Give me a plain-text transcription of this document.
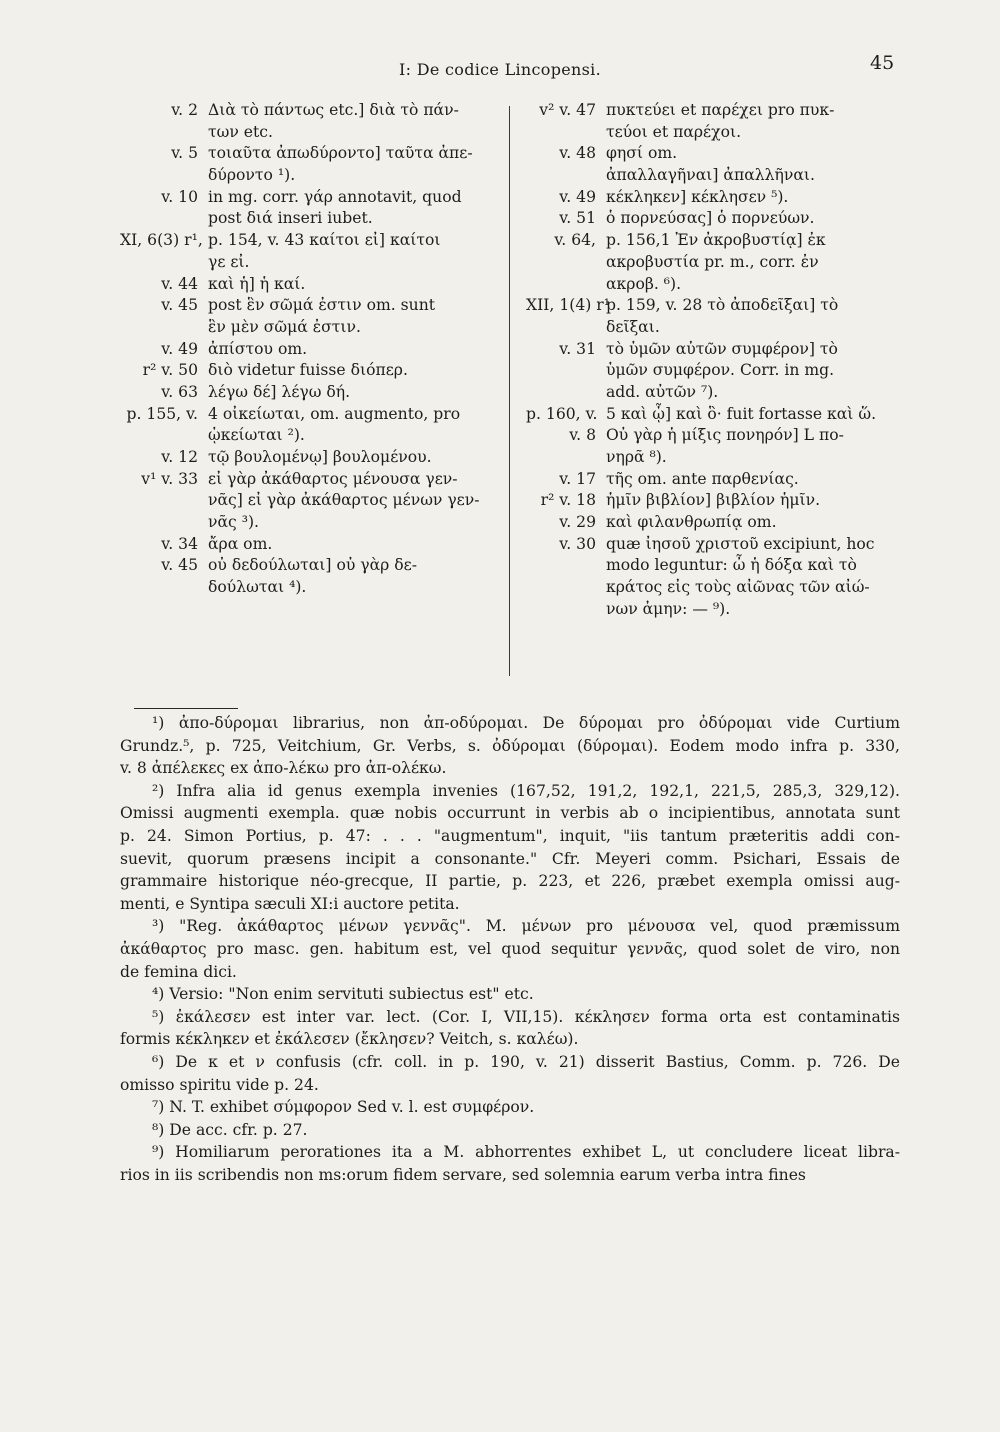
I: De codice Lincopensi.	45
v. 2 Διὰ τὸ πάντως etc.] διὰ τὸ πάν-
των etc.
v. 5 τοιαῦτα ἀπωδύροντο] ταῦτα ἀπε-
δύροντο ¹).
v. 10 in mg. corr. γάρ annotavit, quod
post διά inseri iubet.
XI, 6(3) r¹, p. 154, v. 43 καίτοι εἰ] καίτοι
γε εἰ.
v. 44 καὶ ἡ] ἡ καί.
v. 45 post ἓν σῶμά ἐστιν om. sunt
ἓν μὲν σῶμά ἐστιν.
v. 49 ἀπίστου om.
r² v. 50 διὸ videtur fuisse διόπερ.
v. 63 λέγω δέ] λέγω δή.
p. 155, v. 4 οἰκείωται, om. augmento, pro
ᾠκείωται ²).
v. 12 τῷ βουλομένῳ] βουλομένου.
v¹ v. 33 εἰ γὰρ ἀκάθαρτος μένουσα γεν-
νᾶς] εἰ γὰρ ἀκάθαρτος μένων γεν-
νᾶς ³).
v. 34 ἄρα om.
v. 45 οὐ δεδούλωται] οὐ γὰρ δε-
δούλωται ⁴).
v² v. 47 πυκτεύει et παρέχει pro πυκ-
τεύοι et παρέχοι.
v. 48 φησί om.
ἀπαλλαγῆναι] ἀπαλλῆναι.
v. 49 κέκληκεν] κέκλησεν ⁵).
v. 51 ὁ πορνεύσας] ὁ πορνεύων.
v. 64, p. 156,1 Ἐν ἀκροβυστίᾳ] ἐκ
ακροβυστία pr. m., corr. ἐν
ακροβ. ⁶).
XII, 1(4) r¹
p. 159, v. 28 τὸ ἀποδεῖξαι] τὸ
δεῖξαι.
v. 31 τὸ ὑμῶν αὐτῶν συμφέρον] τὸ
ὑμῶν συμφέρον. Corr. in mg.
add. αὐτῶν ⁷).
p. 160, v. 5 καὶ ᾧ] καὶ ὃ· fuit fortasse καὶ ὥ.
v. 8 Οὐ γὰρ ἡ μίξις πονηρόν] L πο-
νηρᾶ ⁸).
v. 17 τῆς om. ante παρθενίας.
r² v. 18 ἡμῖν βιβλίον] βιβλίον ἡμῖν.
v. 29 καὶ φιλανθρωπίᾳ om.
v. 30 quæ ἰησοῦ χριστοῦ excipiunt, hoc
modo leguntur: ὦ ἡ δόξα καὶ τὸ
κράτος εἰς τοὺς αἰῶνας τῶν αἰώ-
νων ἀμην: — ⁹).
¹) ἀπο-δύρομαι librarius, non ἀπ-οδύρομαι. De δύρομαι pro ὀδύρομαι vide Curtium
Grundz.⁵, p. 725, Veitchium, Gr. Verbs, s. ὀδύρομαι (δύρομαι). Eodem modo infra p. 330,
v. 8 ἀπέλεκες ex ἀπο-λέκω pro ἀπ-ολέκω.
²) Infra alia id genus exempla invenies (167,52, 191,2, 192,1, 221,5, 285,3, 329,12).
Omissi augmenti exempla. quæ nobis occurrunt in verbis ab o incipientibus, annotata sunt
p. 24. Simon Portius, p. 47: . . . "augmentum", inquit, "iis tantum præteritis addi con-
suevit, quorum præsens incipit a consonante." Cfr. Meyeri comm. Psichari, Essais de
grammaire historique néo-grecque, II partie, p. 223, et 226, præbet exempla omissi aug-
menti, e Syntipa sæculi XI:i auctore petita.
³) "Reg. ἀκάθαρτος μένων γεννᾶς". M. μένων pro μένουσα vel, quod præmissum
ἀκάθαρτος pro masc. gen. habitum est, vel quod sequitur γεννᾶς, quod solet de viro, non
de femina dici.
⁴) Versio: "Non enim servituti subiectus est" etc.
⁵) ἐκάλεσεν est inter var. lect. (Cor. I, VII,15). κέκλησεν forma orta est contaminatis
formis κέκληκεν et ἐκάλεσεν (ἔκλησεν? Veitch, s. καλέω).
⁶) De κ et ν confusis (cfr. coll. in p. 190, v. 21) disserit Bastius, Comm. p. 726. De
omisso spiritu vide p. 24.
⁷) N. T. exhibet σύμφορον Sed v. l. est συμφέρον.
⁸) De acc. cfr. p. 27.
⁹) Homiliarum perorationes ita a M. abhorrentes exhibet L, ut concludere liceat libra-
rios in iis scribendis non ms:orum fidem servare, sed solemnia earum verba intra fines
